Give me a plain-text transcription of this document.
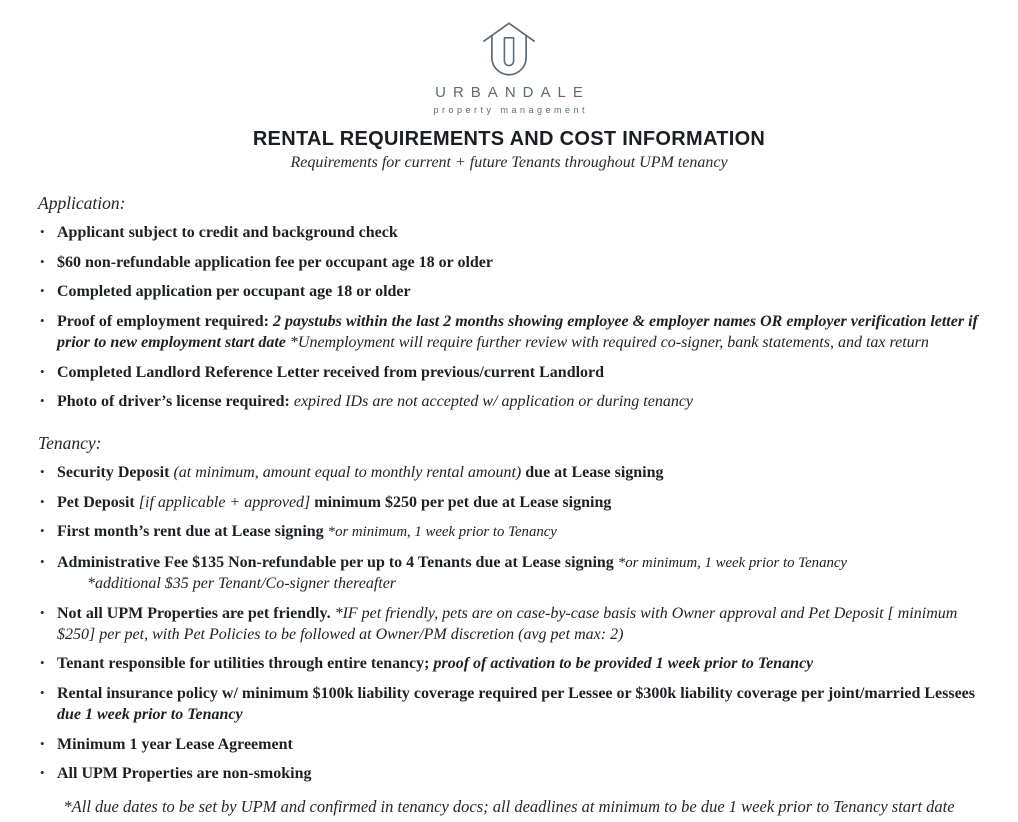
URBANDALE
property management
RENTAL REQUIREMENTS AND COST INFORMATION
Requirements for current + future Tenants throughout UPM tenancy
Application:
• Applicant subject to credit and background check
• $60 non-refundable application fee per occupant age 18 or older
• Completed application per occupant age 18 or older
• Proof of employment required: 2 paystubs within the last 2 months showing employee & employer names OR employer verification letter if prior to new employment start date *Unemployment will require further review with required co-signer, bank statements, and tax return
• Completed Landlord Reference Letter received from previous/current Landlord
• Photo of driver’s license required: expired IDs are not accepted w/ application or during tenancy
Tenancy:
• Security Deposit (at minimum, amount equal to monthly rental amount) due at Lease signing
• Pet Deposit [if applicable + approved] minimum $250 per pet due at Lease signing
• First month’s rent due at Lease signing *or minimum, 1 week prior to Tenancy
• Administrative Fee $135 Non-refundable per up to 4 Tenants due at Lease signing *or minimum, 1 week prior to Tenancy
*additional $35 per Tenant/Co-signer thereafter
• Not all UPM Properties are pet friendly. *IF pet friendly, pets are on case-by-case basis with Owner approval and Pet Deposit [ minimum $250] per pet, with Pet Policies to be followed at Owner/PM discretion (avg pet max: 2)
• Tenant responsible for utilities through entire tenancy; proof of activation to be provided 1 week prior to Tenancy
• Rental insurance policy w/ minimum $100k liability coverage required per Lessee or $300k liability coverage per joint/married Lessees due 1 week prior to Tenancy
• Minimum 1 year Lease Agreement
• All UPM Properties are non-smoking
*All due dates to be set by UPM and confirmed in tenancy docs; all deadlines at minimum to be due 1 week prior to Tenancy start date
